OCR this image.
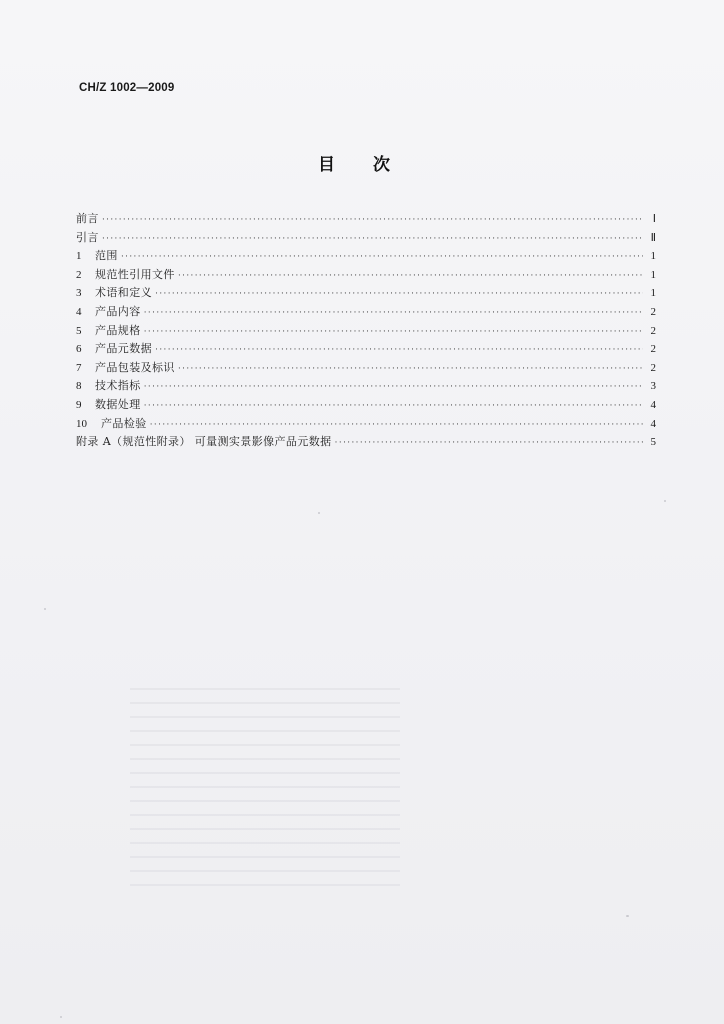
CH/Z 1002—2009
目 次
前言 ·····	Ⅰ
引言 ·····	Ⅱ
1	范围 ·····	1
2	规范性引用文件 ·····	1
3	术语和定义 ·····	1
4	产品内容 ·····	2
5	产品规格 ·····	2
6	产品元数据 ·····	2
7	产品包装及标识 ·····	2
8	技术指标 ·····	3
9	数据处理 ·····	4
10	产品检验 ·····	4
附录 A（规范性附录） 可量测实景影像产品元数据 ·····	5
